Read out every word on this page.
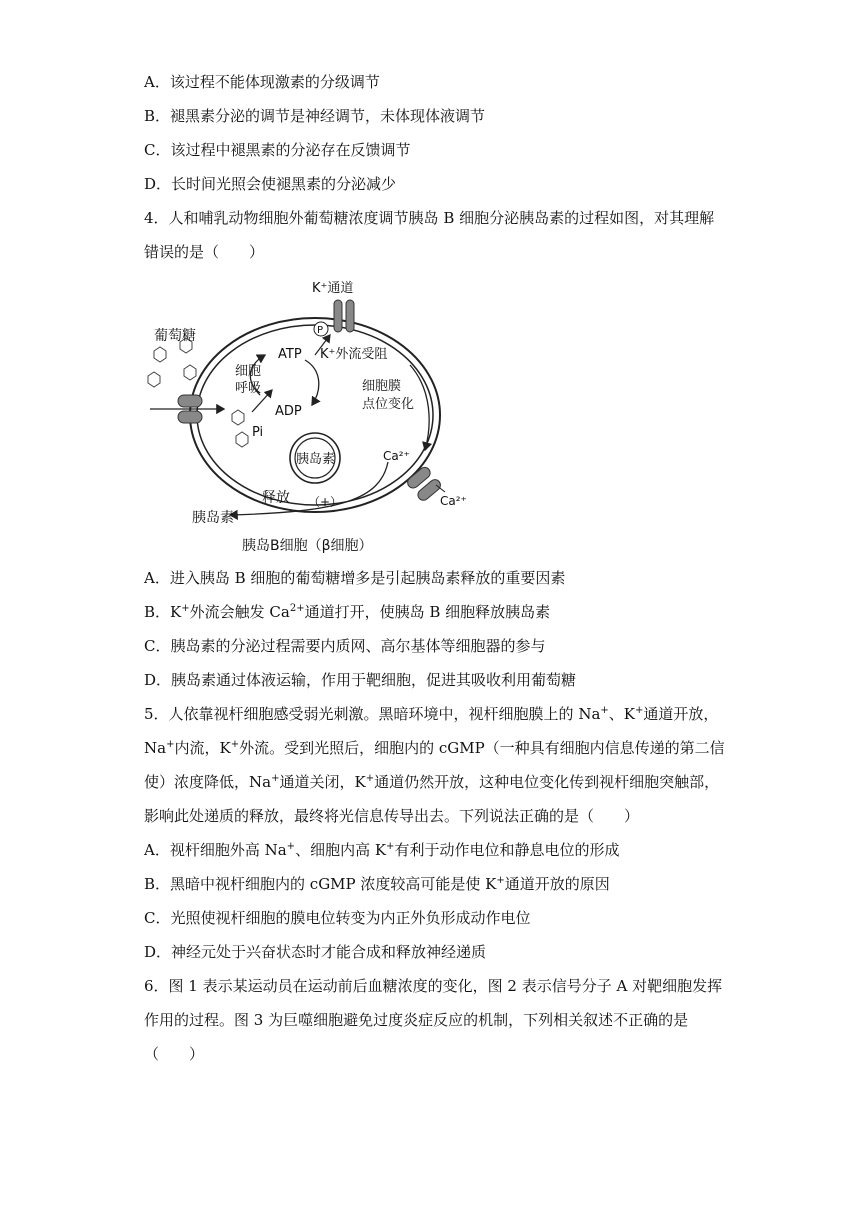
A．该过程不能体现激素的分级调节
B．褪黑素分泌的调节是神经调节，未体现体液调节
C．该过程中褪黑素的分泌存在反馈调节
D．长时间光照会使褪黑素的分泌减少
4．人和哺乳动物细胞外葡萄糖浓度调节胰岛 B 细胞分泌胰岛素的过程如图，对其理解
错误的是（　　）
K⁺通道
P
葡萄糖
ATP
ADP
Pi
细胞
呼吸
K⁺外流受阻
细胞膜
点位变化
Ca²⁺
Ca²⁺
胰岛素
释放 （+）
胰岛素
胰岛B细胞（β细胞）
A．进入胰岛 B 细胞的葡萄糖增多是引起胰岛素释放的重要因素
B．K+外流会触发 $Ca^{2+}$通道打开，使胰岛 B 细胞释放胰岛素
C．胰岛素的分泌过程需要内质网、高尔基体等细胞器的参与
D．胰岛素通过体液运输，作用于靶细胞，促进其吸收利用葡萄糖
5．人依靠视杆细胞感受弱光刺激。黑暗环境中，视杆细胞膜上的 Na+、K+通道开放，
Na+内流，K+外流。受到光照后，细胞内的 cGMP（一种具有细胞内信息传递的第二信
使）浓度降低，Na+通道关闭，K+通道仍然开放，这种电位变化传到视杆细胞突触部，
影响此处递质的释放，最终将光信息传导出去。下列说法正确的是（　　）
A．视杆细胞外高 Na+、细胞内高 K+有利于动作电位和静息电位的形成
B．黑暗中视杆细胞内的 cGMP 浓度较高可能是使 K+通道开放的原因
C．光照使视杆细胞的膜电位转变为内正外负形成动作电位
D．神经元处于兴奋状态时才能合成和释放神经递质
6．图 1 表示某运动员在运动前后血糖浓度的变化，图 2 表示信号分子 A 对靶细胞发挥
作用的过程。图 3 为巨噬细胞避免过度炎症反应的机制，下列相关叙述不正确的是
（　　）
